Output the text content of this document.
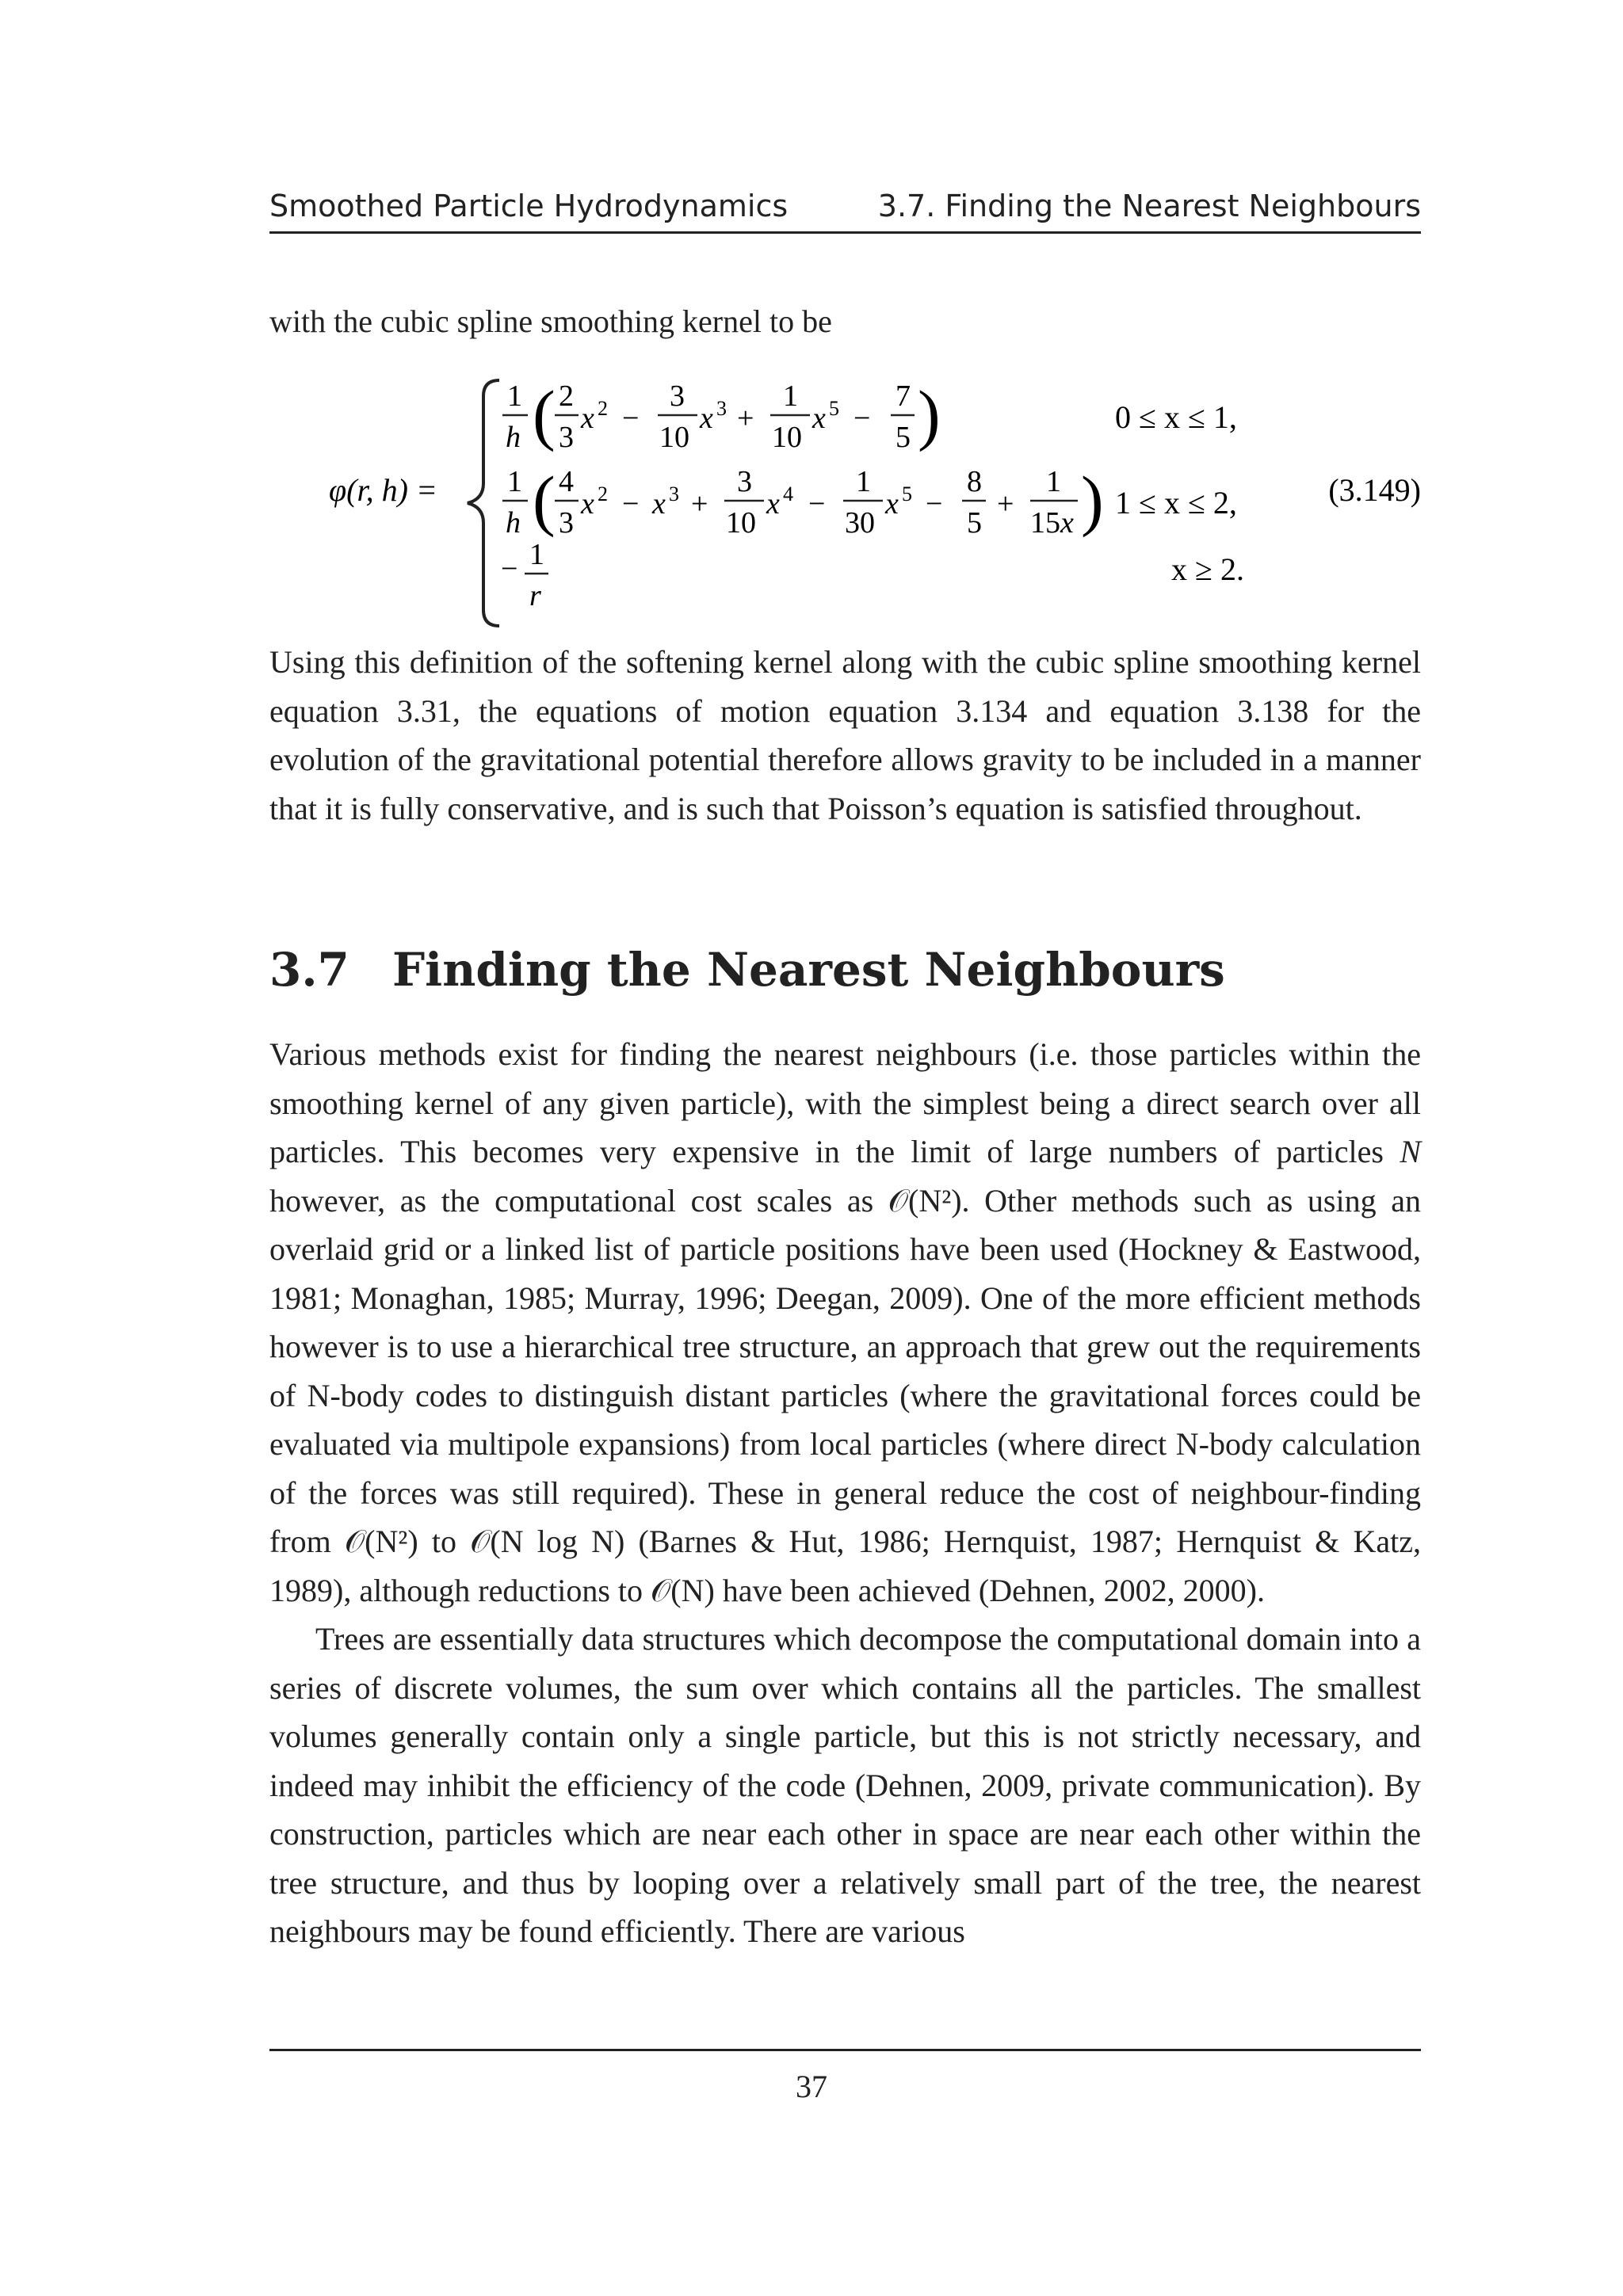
Smoothed Particle Hydrodynamics	3.7. Finding the Nearest Neighbours

with the cubic spline smoothing kernel to be

φ(r, h) =
1
h ( 2
3
x 2 −
3
10
x 3 +
1
10
x 5 −
7
5 )	0 ≤ x ≤ 1,
1
h ( 4
3
x 2 − x 3 +
3
10
x 4 −
1
30
x 5 −
8
5
+
1
15x ) 1 ≤ x ≤ 2,
− 1
r
x ≥ 2.
(3.149)

Using this definition of the softening kernel along with the cubic spline smoothing kernel equation 3.31, the equations of motion equation 3.134 and equation 3.138 for the evolution of the gravitational potential therefore allows gravity to be included in a manner that it is fully conservative, and is such that Poisson’s equation is satisfied throughout.

3.7 Finding the Nearest Neighbours

Various methods exist for finding the nearest neighbours (i.e. those particles within the smoothing kernel of any given particle), with the simplest being a direct search over all particles. This becomes very expensive in the limit of large numbers of particles N however, as the computational cost scales as 𝒪(N²). Other methods such as using an overlaid grid or a linked list of particle positions have been used (Hockney & Eastwood, 1981; Monaghan, 1985; Murray, 1996; Deegan, 2009). One of the more efficient methods however is to use a hierarchical tree structure, an approach that grew out the requirements of N-body codes to distinguish distant particles (where the gravitational forces could be evaluated via multipole expansions) from local particles (where direct N-body calculation of the forces was still required). These in general reduce the cost of neighbour-finding from 𝒪(N²) to 𝒪(N log N) (Barnes & Hut, 1986; Hernquist, 1987; Hernquist & Katz, 1989), although reductions to 𝒪(N) have been achieved (Dehnen, 2002, 2000).

Trees are essentially data structures which decompose the computational domain into a series of discrete volumes, the sum over which contains all the particles. The smallest volumes generally contain only a single particle, but this is not strictly necessary, and indeed may inhibit the efficiency of the code (Dehnen, 2009, private communication). By construction, particles which are near each other in space are near each other within the tree structure, and thus by looping over a relatively small part of the tree, the nearest neighbours may be found efficiently. There are various

37
